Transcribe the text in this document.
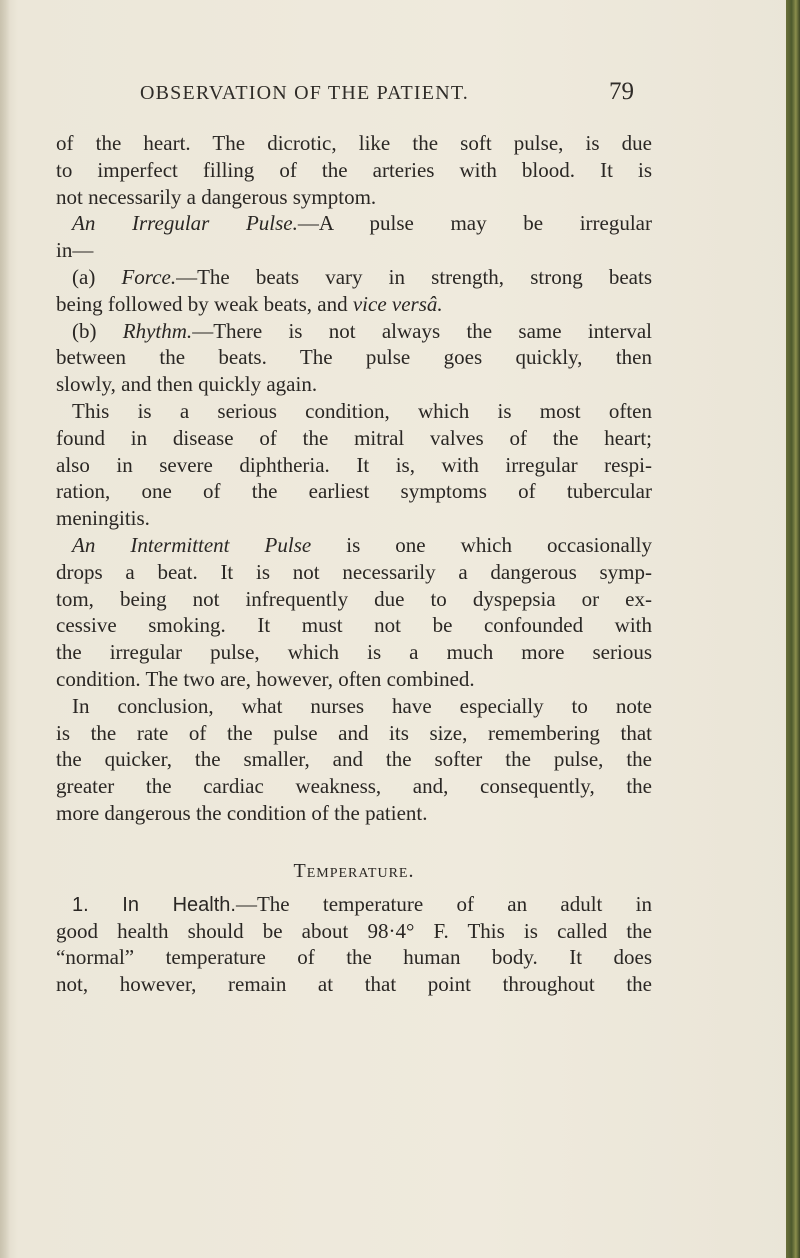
OBSERVATION OF THE PATIENT.	79
of the heart. The dicrotic, like the soft pulse, is due
to imperfect filling of the arteries with blood. It is
not necessarily a dangerous symptom.
An Irregular Pulse.—A pulse may be irregular
in—
(a) Force.—The beats vary in strength, strong beats
being followed by weak beats, and vice versâ.
(b) Rhythm.—There is not always the same interval
between the beats. The pulse goes quickly, then
slowly, and then quickly again.
This is a serious condition, which is most often
found in disease of the mitral valves of the heart;
also in severe diphtheria. It is, with irregular respi-
ration, one of the earliest symptoms of tubercular
meningitis.
An Intermittent Pulse is one which occasionally
drops a beat. It is not necessarily a dangerous symp-
tom, being not infrequently due to dyspepsia or ex-
cessive smoking. It must not be confounded with
the irregular pulse, which is a much more serious
condition. The two are, however, often combined.
In conclusion, what nurses have especially to note
is the rate of the pulse and its size, remembering that
the quicker, the smaller, and the softer the pulse, the
greater the cardiac weakness, and, consequently, the
more dangerous the condition of the patient.
Temperature.
1. In Health.—The temperature of an adult in
good health should be about 98·4° F. This is called the
“normal” temperature of the human body. It does
not, however, remain at that point throughout the
